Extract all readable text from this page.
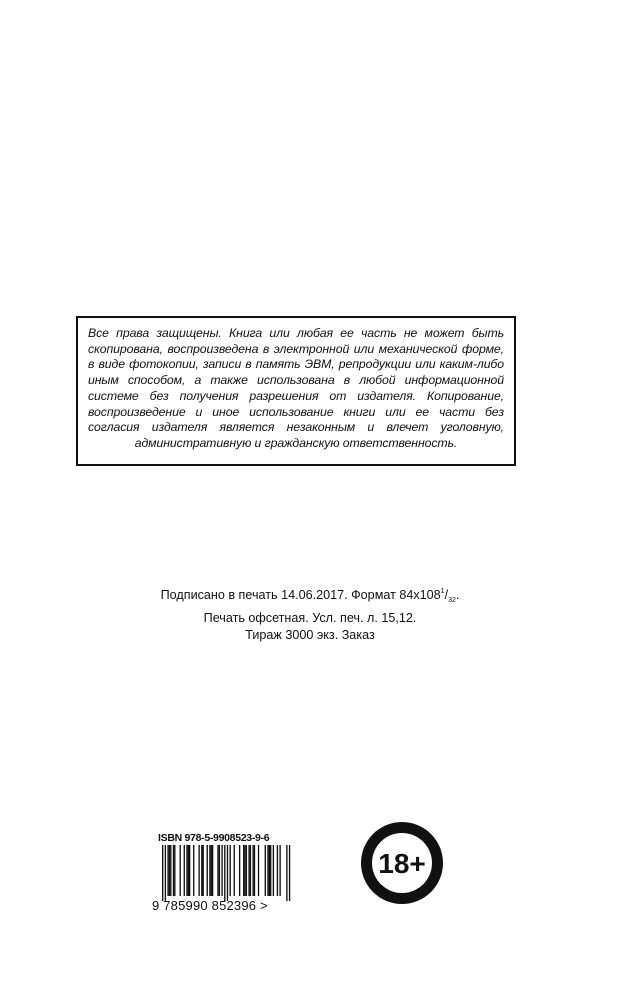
Все права защищены. Книга или любая ее часть не может быть скопирована, воспроизведена в электронной или механической форме, в виде фотокопии, записи в память ЭВМ, репродукции или каким-либо иным способом, а также использована в любой информационной системе без получения разрешения от издателя. Копирование, воспроизведение и иное использование книги или ее части без согласия издателя является незаконным и влечет уголовную, административную и гражданскую ответственность.

Подписано в печать 14.06.2017. Формат $84х108^1/_{32}$.
Печать офсетная. Усл. печ. л. 15,12.
Тираж 3000 экз. Заказ
ISBN 978-5-9908523-9-6
9 785990 852396 >
18+
